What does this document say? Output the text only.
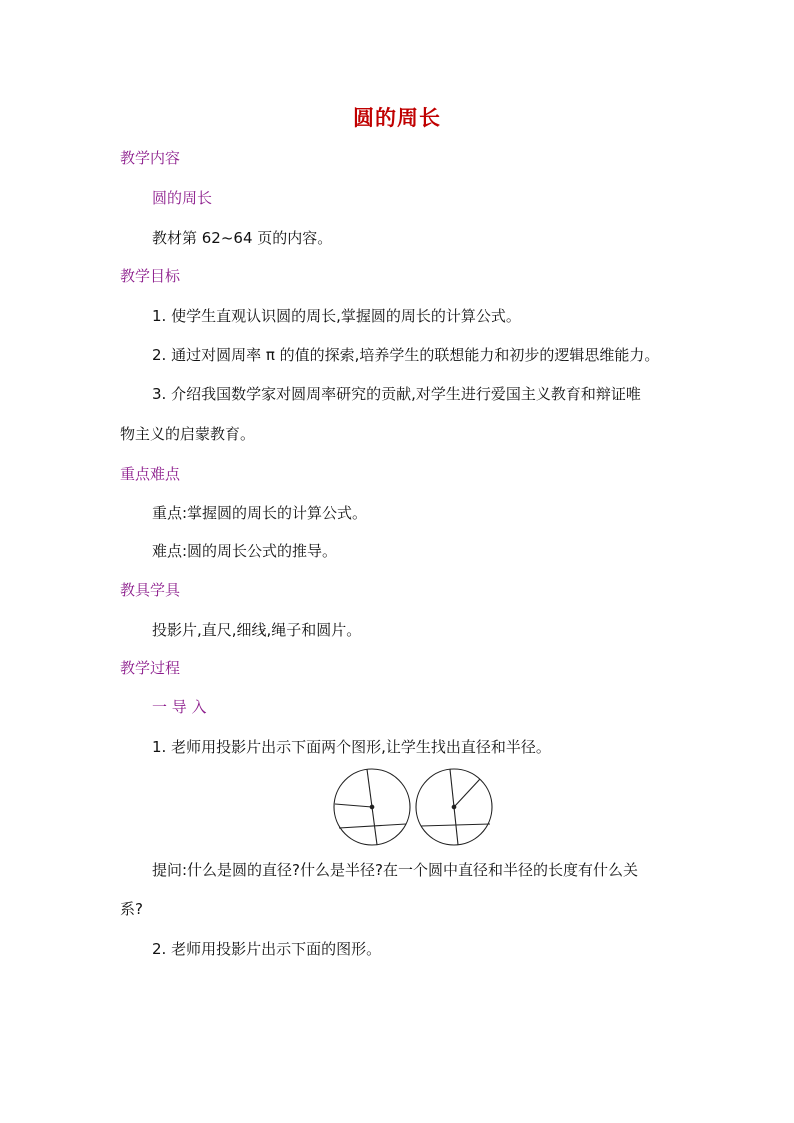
圆的周长
教学内容
圆的周长
教材第 62~64 页的内容。
教学目标
1. 使学生直观认识圆的周长,掌握圆的周长的计算公式。
2. 通过对圆周率 π 的值的探索,培养学生的联想能力和初步的逻辑思维能力。
3. 介绍我国数学家对圆周率研究的贡献,对学生进行爱国主义教育和辩证唯
物主义的启蒙教育。
重点难点
重点:掌握圆的周长的计算公式。
难点:圆的周长公式的推导。
教具学具
投影片,直尺,细线,绳子和圆片。
教学过程
一 导 入
1. 老师用投影片出示下面两个图形,让学生找出直径和半径。
提问:什么是圆的直径?什么是半径?在一个圆中直径和半径的长度有什么关
系?
2. 老师用投影片出示下面的图形。
